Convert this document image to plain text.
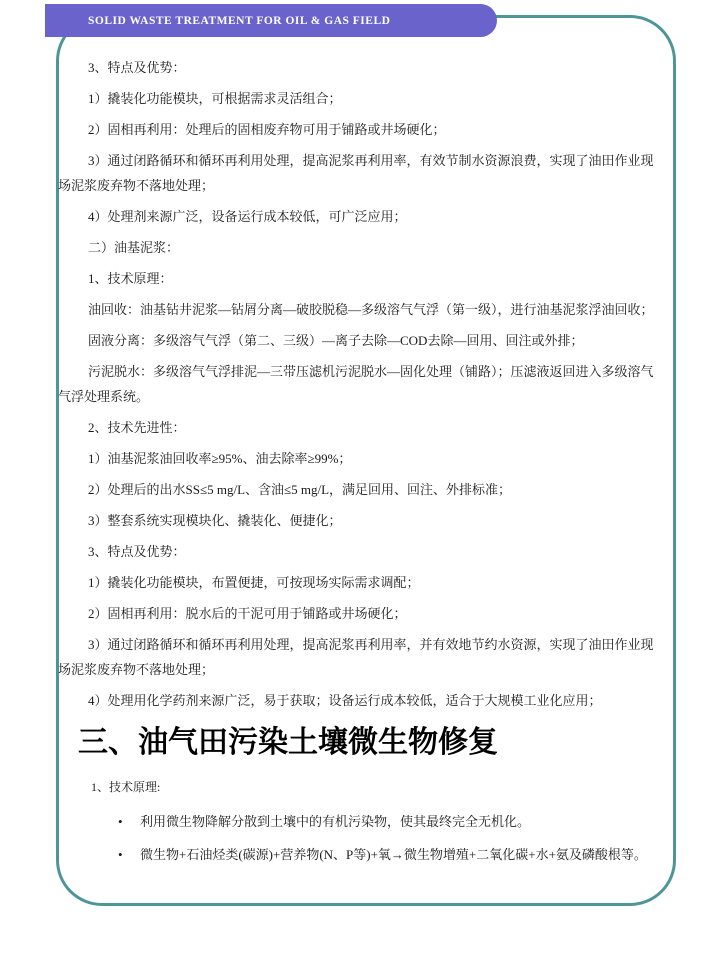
SOLID WASTE TREATMENT FOR OIL & GAS FIELD

3、特点及优势：

1）撬装化功能模块，可根据需求灵活组合；

2）固相再利用：处理后的固相废弃物可用于铺路或井场硬化；

3）通过闭路循环和循环再利用处理，提高泥浆再利用率，有效节制水资源浪费，实现了油田作业现场泥浆废弃物不落地处理；

4）处理剂来源广泛，设备运行成本较低，可广泛应用；

二）油基泥浆：

1、技术原理：

油回收：油基钻井泥浆—钻屑分离—破胶脱稳—多级溶气气浮（第一级），进行油基泥浆浮油回收；

固液分离：多级溶气气浮（第二、三级）—离子去除—COD去除—回用、回注或外排；

污泥脱水：多级溶气气浮排泥—三带压滤机污泥脱水—固化处理（铺路）；压滤液返回进入多级溶气气浮处理系统。

2、技术先进性：

1）油基泥浆油回收率≥95%、油去除率≥99%；

2）处理后的出水SS≤5 mg/L、含油≤5 mg/L，满足回用、回注、外排标准；

3）整套系统实现模块化、撬装化、便捷化；

3、特点及优势：

1）撬装化功能模块，布置便捷，可按现场实际需求调配；

2）固相再利用：脱水后的干泥可用于铺路或井场硬化；

3）通过闭路循环和循环再利用处理，提高泥浆再利用率，并有效地节约水资源，实现了油田作业现场泥浆废弃物不落地处理；

4）处理用化学药剂来源广泛，易于获取；设备运行成本较低，适合于大规模工业化应用；

三、油气田污染土壤微生物修复

1、技术原理:

• 利用微生物降解分散到土壤中的有机污染物，使其最终完全无机化。
• 微生物+石油烃类(碳源)+营养物(N、P等)+氧→微生物增殖+二氧化碳+水+氨及磷酸根等。
